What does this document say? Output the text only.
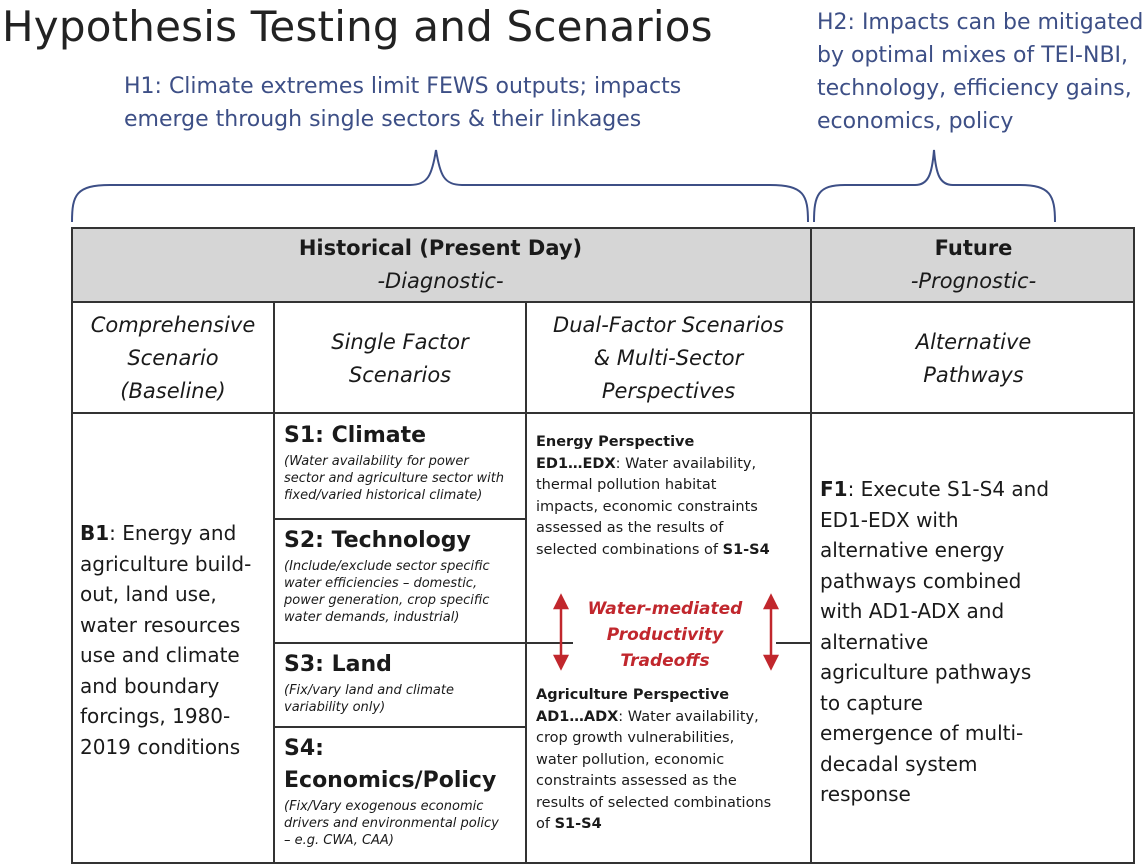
Hypothesis Testing and Scenarios
H1: Climate extremes limit FEWS outputs; impacts
emerge through single sectors & their linkages
H2: Impacts can be mitigated
by optimal mixes of TEI-NBI,
technology, efficiency gains,
economics, policy
Historical (Present Day)
-Diagnostic-
Future
-Prognostic-
Comprehensive
Scenario
(Baseline)
Single Factor
Scenarios
Dual-Factor Scenarios
& Multi-Sector
Perspectives
Alternative
Pathways
B1: Energy and
agriculture build-
out, land use,
water resources
use and climate
and boundary
forcings, 1980-
2019 conditions
S1: Climate
(Water availability for power
sector and agriculture sector with
fixed/varied historical climate)
S2: Technology
(Include/exclude sector specific
water efficiencies – domestic,
power generation, crop specific
water demands, industrial)
S3: Land
(Fix/vary land and climate
variability only)
S4:
Economics/Policy
(Fix/Vary exogenous economic
drivers and environmental policy
– e.g. CWA, CAA)
Energy Perspective
ED1…EDX: Water availability,
thermal pollution habitat
impacts, economic constraints
assessed as the results of
selected combinations of S1-S4
Water-mediated
Productivity
Tradeoffs
Agriculture Perspective
AD1…ADX: Water availability,
crop growth vulnerabilities,
water pollution, economic
constraints assessed as the
results of selected combinations
of S1-S4
F1: Execute S1-S4 and
ED1-EDX with
alternative energy
pathways combined
with AD1-ADX and
alternative
agriculture pathways
to capture
emergence of multi-
decadal system
response
